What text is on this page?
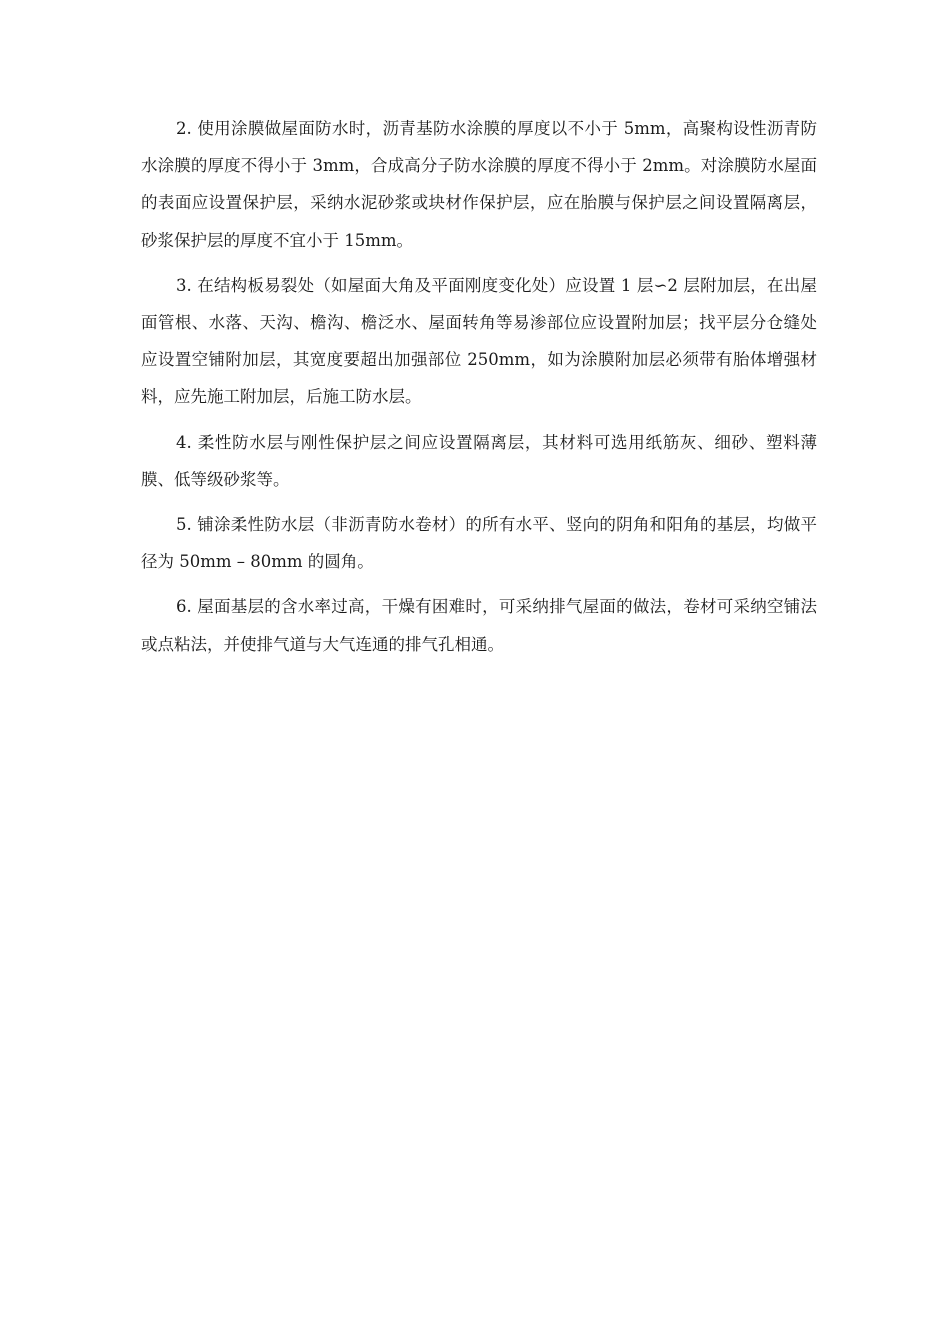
2. 使用涂膜做屋面防水时，沥青基防水涂膜的厚度以不小于 5mm，高聚构设性沥青防水涂膜的厚度不得小于 3mm，合成高分子防水涂膜的厚度不得小于 2mm。对涂膜防水屋面的表面应设置保护层，采纳水泥砂浆或块材作保护层，应在胎膜与保护层之间设置隔离层，砂浆保护层的厚度不宜小于 15mm。

3. 在结构板易裂处（如屋面大角及平面刚度变化处）应设置 1 层∽2 层附加层，在出屋面管根、水落、天沟、檐沟、檐泛水、屋面转角等易渗部位应设置附加层；找平层分仓缝处应设置空铺附加层，其宽度要超出加强部位 250mm，如为涂膜附加层必须带有胎体增强材料，应先施工附加层，后施工防水层。

4. 柔性防水层与刚性保护层之间应设置隔离层，其材料可选用纸筋灰、细砂、塑料薄膜、低等级砂浆等。

5. 铺涂柔性防水层（非沥青防水卷材）的所有水平、竖向的阴角和阳角的基层，均做平径为 50mm – 80mm 的圆角。

6. 屋面基层的含水率过高，干燥有困难时，可采纳排气屋面的做法，卷材可采纳空铺法或点粘法，并使排气道与大气连通的排气孔相通。
